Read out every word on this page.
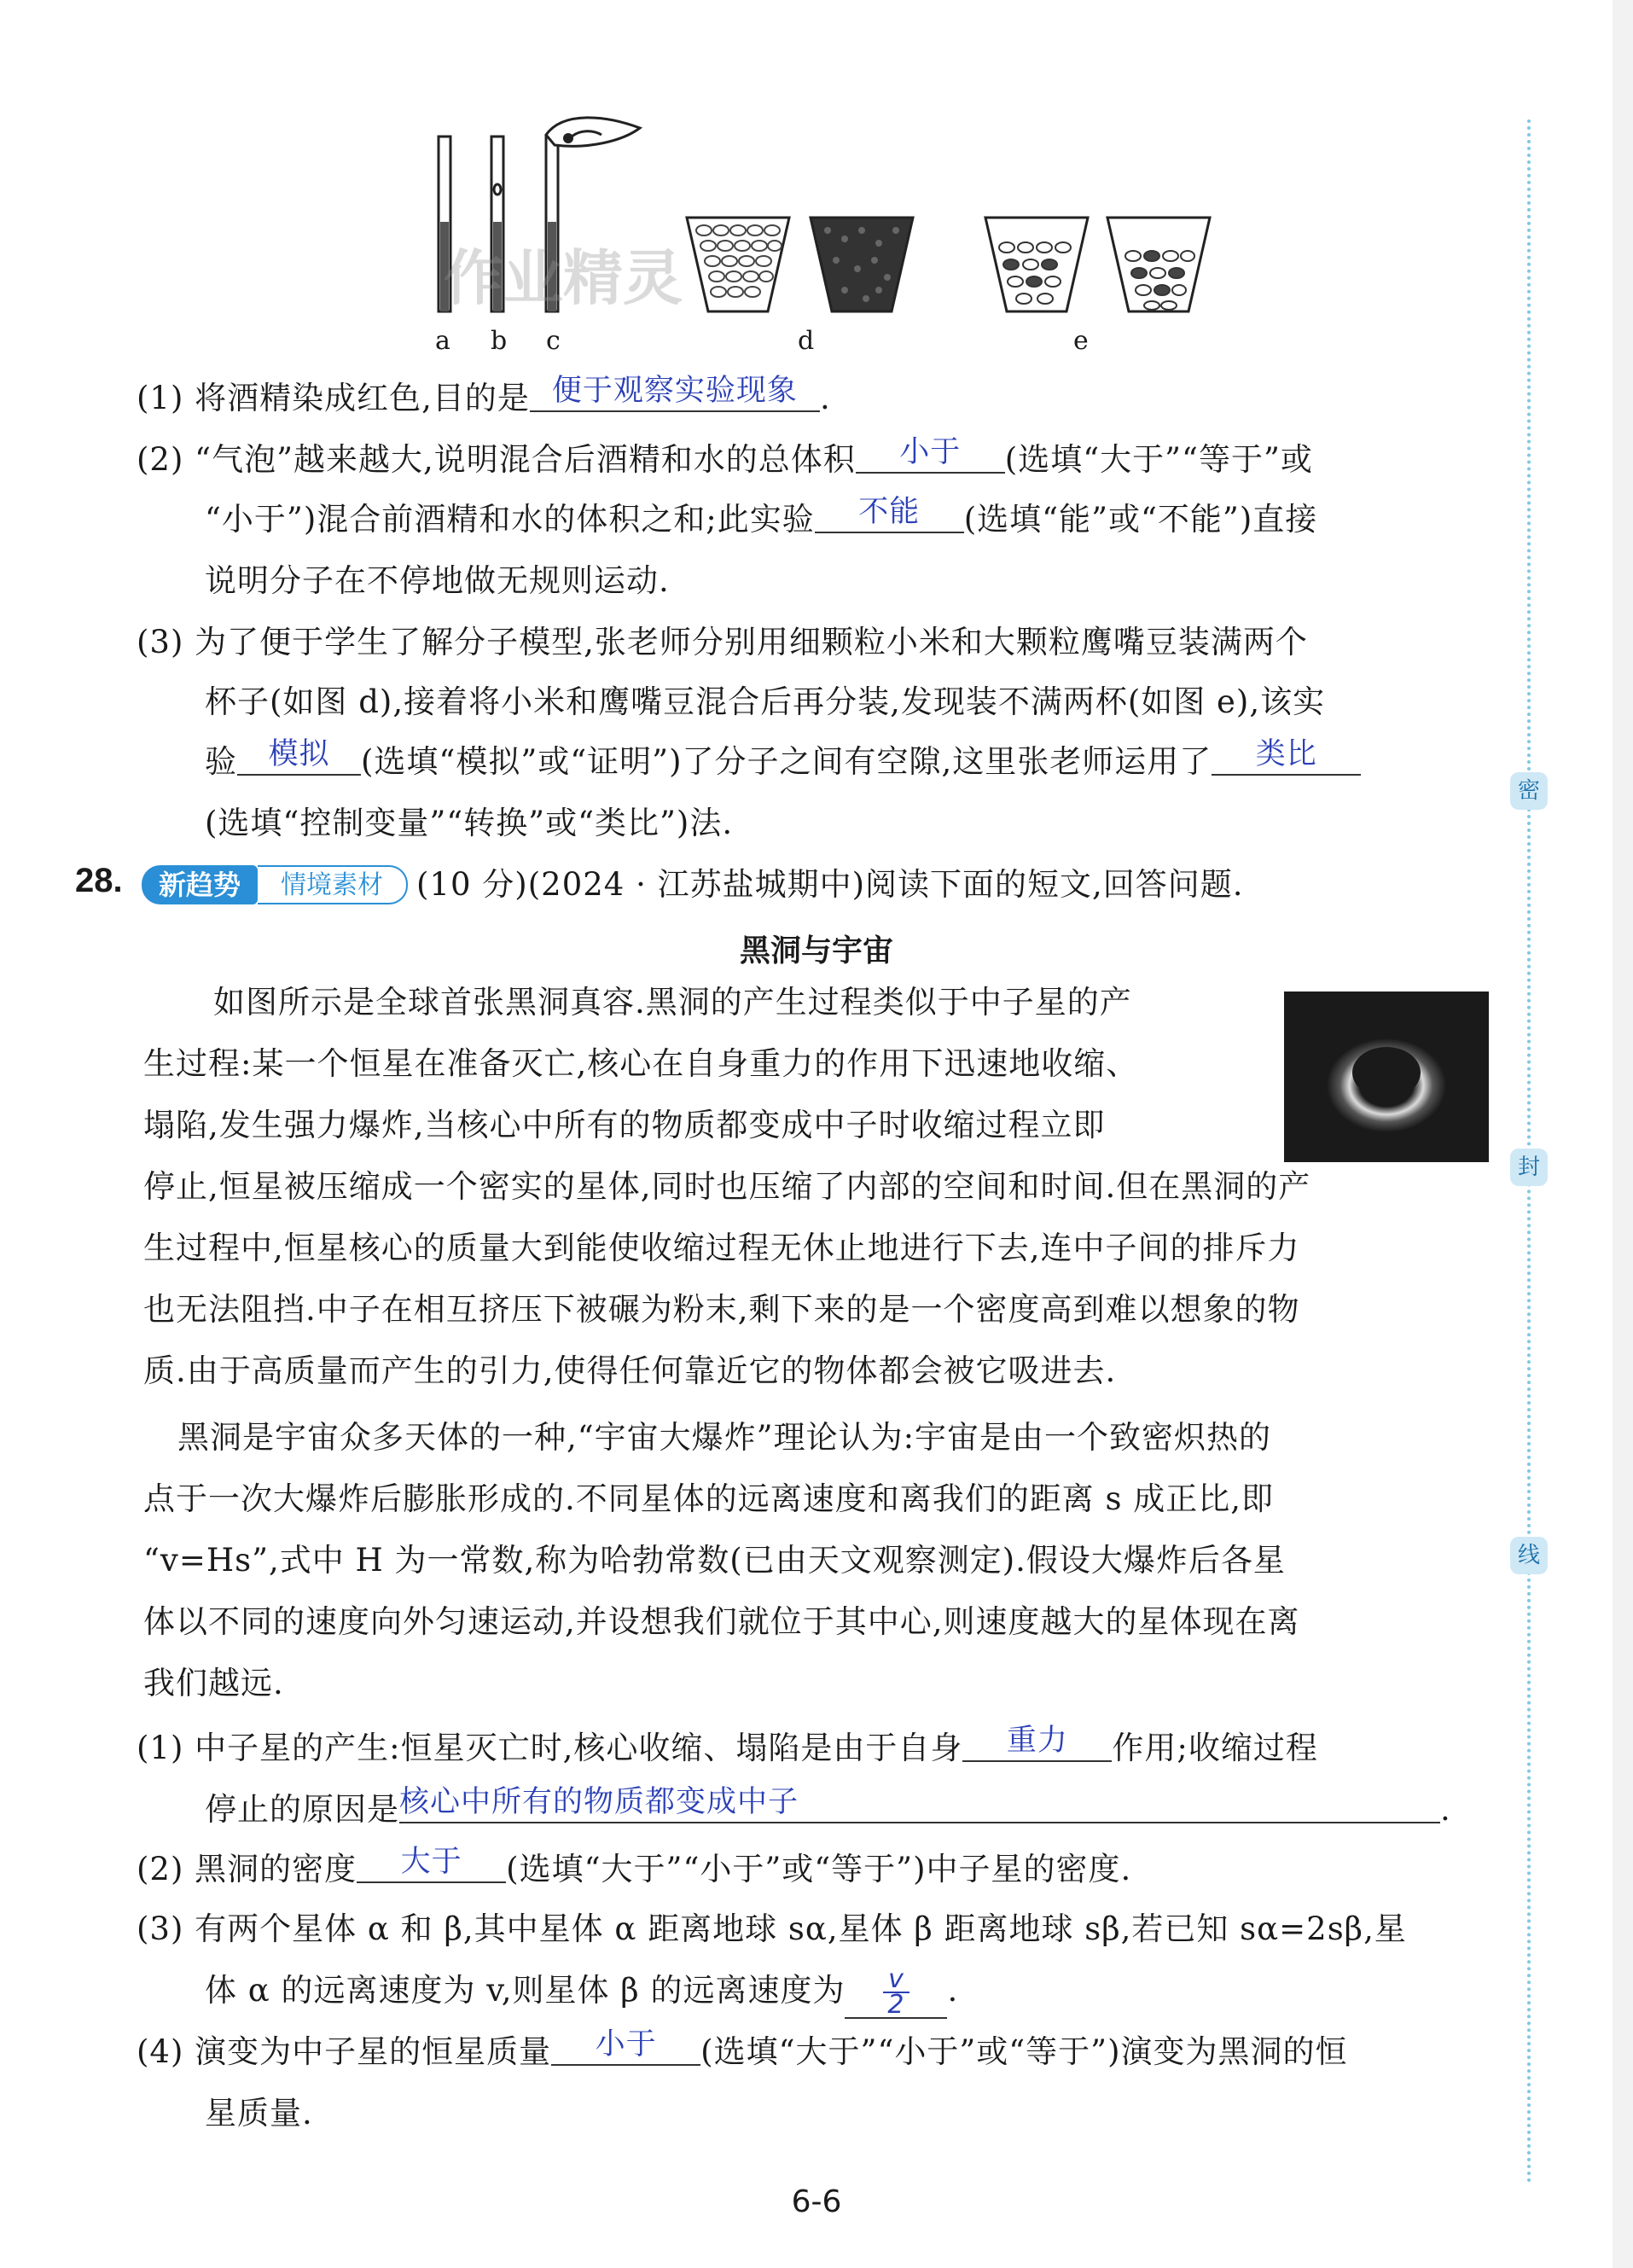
密
封
线
作业精灵
a b c	d	e
(1) 将酒精染成红色,目的是 便于观察实验现象 .
(2) “气泡”越来越大,说明混合后酒精和水的总体积 小于 (选填“大于”“等于”或
“小于”)混合前酒精和水的体积之和;此实验 不能 (选填“能”或“不能”)直接
说明分子在不停地做无规则运动.
(3) 为了便于学生了解分子模型,张老师分别用细颗粒小米和大颗粒鹰嘴豆装满两个
杯子(如图 d),接着将小米和鹰嘴豆混合后再分装,发现装不满两杯(如图 e),该实
验 模拟 (选填“模拟”或“证明”)了分子之间有空隙,这里张老师运用了 类比
(选填“控制变量”“转换”或“类比”)法.
28.	新趋势	情境素材	(10 分)(2024 · 江苏盐城期中)阅读下面的短文,回答问题.
黑洞与宇宙
如图所示是全球首张黑洞真容.黑洞的产生过程类似于中子星的产
生过程:某一个恒星在准备灭亡,核心在自身重力的作用下迅速地收缩、
塌陷,发生强力爆炸,当核心中所有的物质都变成中子时收缩过程立即
停止,恒星被压缩成一个密实的星体,同时也压缩了内部的空间和时间.但在黑洞的产
生过程中,恒星核心的质量大到能使收缩过程无休止地进行下去,连中子间的排斥力
也无法阻挡.中子在相互挤压下被碾为粉末,剩下来的是一个密度高到难以想象的物
质.由于高质量而产生的引力,使得任何靠近它的物体都会被它吸进去.
黑洞是宇宙众多天体的一种,“宇宙大爆炸”理论认为:宇宙是由一个致密炽热的
点于一次大爆炸后膨胀形成的.不同星体的远离速度和离我们的距离 s 成正比,即
“v=Hs”,式中 H 为一常数,称为哈勃常数(已由天文观察测定).假设大爆炸后各星
体以不同的速度向外匀速运动,并设想我们就位于其中心,则速度越大的星体现在离
我们越远.
(1) 中子星的产生:恒星灭亡时,核心收缩、塌陷是由于自身 重力 作用;收缩过程
停止的原因是核心中所有的物质都变成中子	.
(2) 黑洞的密度 大于 (选填“大于”“小于”或“等于”)中子星的密度.
(3) 有两个星体 α 和 β,其中星体 α 距离地球 sα,星体 β 距离地球 sβ,若已知 sα=2sβ,星
体 α 的远离速度为 v,则星体 β 的远离速度为 $\frac{v}{2}$ .
(4) 演变为中子星的恒星质量 小于 (选填“大于”“小于”或“等于”)演变为黑洞的恒
星质量.
6-6
